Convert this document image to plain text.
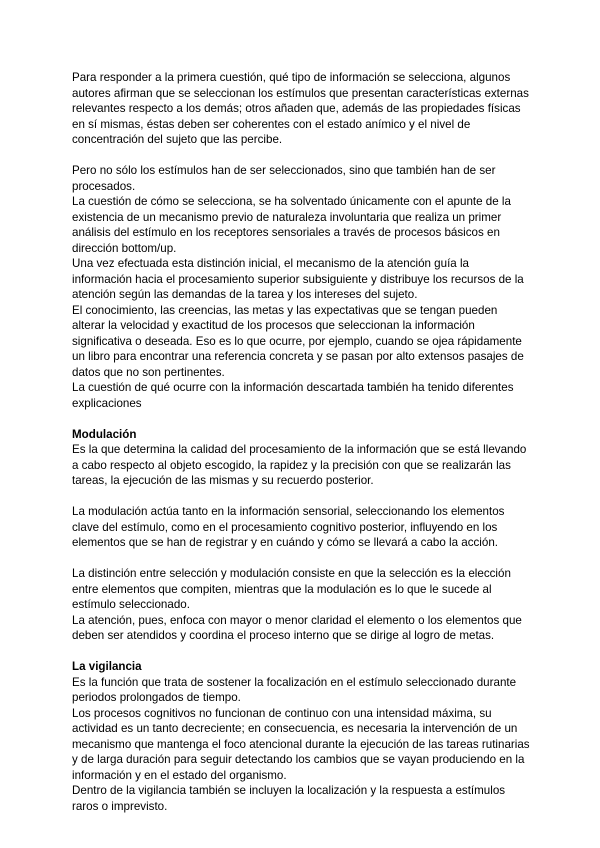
Para responder a la primera cuestión, qué tipo de información se selecciona, algunos autores afirman que se seleccionan los estímulos que presentan características externas relevantes respecto a los demás; otros añaden que, además de las propiedades físicas en sí mismas, éstas deben ser coherentes con el estado anímico y el nivel de concentración del sujeto que las percibe.

Pero no sólo los estímulos han de ser seleccionados, sino que también han de ser procesados.

La cuestión de cómo se selecciona, se ha solventado únicamente con el apunte de la existencia de un mecanismo previo de naturaleza involuntaria que realiza un primer análisis del estímulo en los receptores sensoriales a través de procesos básicos en dirección bottom/up.

Una vez efectuada esta distinción inicial, el mecanismo de la atención guía la información hacia el procesamiento superior subsiguiente y distribuye los recursos de la atención según las demandas de la tarea y los intereses del sujeto.

El conocimiento, las creencias, las metas y las expectativas que se tengan pueden alterar la velocidad y exactitud de los procesos que seleccionan la información significativa o deseada. Eso es lo que ocurre, por ejemplo, cuando se ojea rápidamente un libro para encontrar una referencia concreta y se pasan por alto extensos pasajes de datos que no son pertinentes.

La cuestión de qué ocurre con la información descartada también ha tenido diferentes explicaciones

Modulación

Es la que determina la calidad del procesamiento de la información que se está llevando a cabo respecto al objeto escogido, la rapidez y la precisión con que se realizarán las tareas, la ejecución de las mismas y su recuerdo posterior.

La modulación actúa tanto en la información sensorial, seleccionando los elementos clave del estímulo, como en el procesamiento cognitivo posterior, influyendo en los elementos que se han de registrar y en cuándo y cómo se llevará a cabo la acción.

La distinción entre selección y modulación consiste en que la selección es la elección entre elementos que compiten, mientras que la modulación es lo que le sucede al estímulo seleccionado.

La atención, pues, enfoca con mayor o menor claridad el elemento o los elementos que deben ser atendidos y coordina el proceso interno que se dirige al logro de metas.

La vigilancia

Es la función que trata de sostener la focalización en el estímulo seleccionado durante periodos prolongados de tiempo.

Los procesos cognitivos no funcionan de continuo con una intensidad máxima, su actividad es un tanto decreciente; en consecuencia, es necesaria la intervención de un mecanismo que mantenga el foco atencional durante la ejecución de las tareas rutinarias y de larga duración para seguir detectando los cambios que se vayan produciendo en la información y en el estado del organismo.

Dentro de la vigilancia también se incluyen la localización y la respuesta a estímulos raros o imprevisto.
